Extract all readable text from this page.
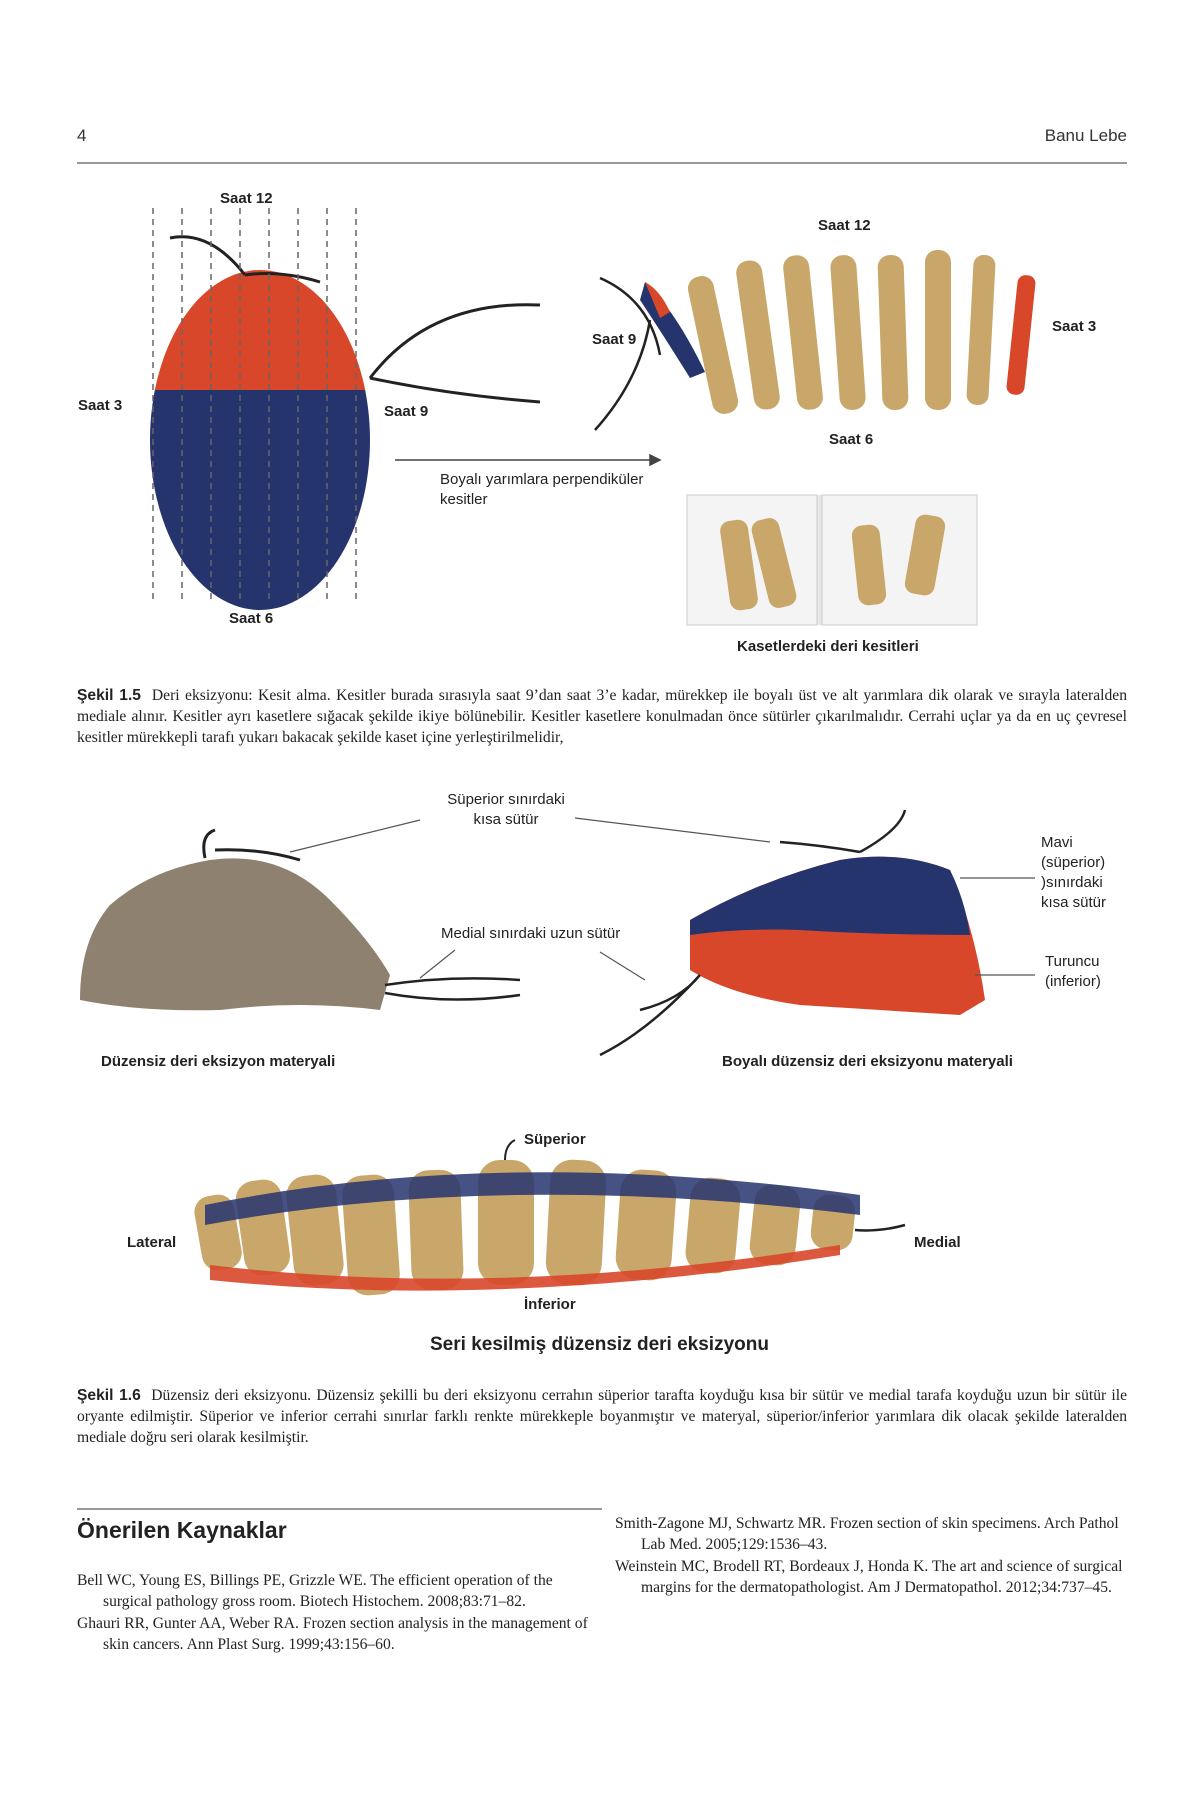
4	Banu Lebe
Saat 12
Saat 3	Saat 9
Saat 6
Boyalı yarımlara perpendiküler kesitler
Saat 12
Saat 9
Saat 3
Saat 6
Kasetlerdeki deri kesitleri
Şekil 1.5 Deri eksizyonu: Kesit alma. Kesitler burada sırasıyla saat 9’dan saat 3’e kadar, mürekkep ile boyalı üst ve alt yarımlara dik olarak ve sırayla lateralden mediale alınır. Kesitler ayrı kasetlere sığacak şekilde ikiye bölünebilir. Kesitler kasetlere konulmadan önce sütürler çıkarılmalıdır. Cerrahi uçlar ya da en uç çevresel kesitler mürekkepli tarafı yukarı bakacak şekilde kaset içine yerleştirilmelidir,
Süperior sınırdaki kısa sütür
Medial sınırdaki uzun sütür
Mavi (süperior) )sınırdaki kısa sütür
Turuncu (inferior)
Düzensiz deri eksizyon materyali	Boyalı düzensiz deri eksizyonu materyali
Süperior
Lateral	Medial
İnferior
Seri kesilmiş düzensiz deri eksizyonu
Şekil 1.6 Düzensiz deri eksizyonu. Düzensiz şekilli bu deri eksizyonu cerrahın süperior tarafta koyduğu kısa bir sütür ve medial tarafa koyduğu uzun bir sütür ile oryante edilmiştir. Süperior ve inferior cerrahi sınırlar farklı renkte mürekkeple boyanmıştır ve materyal, süperior/inferior yarımlara dik olacak şekilde lateralden mediale doğru seri olarak kesilmiştir.
Önerilen Kaynaklar

Bell WC, Young ES, Billings PE, Grizzle WE. The efficient operation of the surgical pathology gross room. Biotech Histochem. 2008;83:71–82.

Ghauri RR, Gunter AA, Weber RA. Frozen section analysis in the management of skin cancers. Ann Plast Surg. 1999;43:156–60.

Smith-Zagone MJ, Schwartz MR. Frozen section of skin specimens. Arch Pathol Lab Med. 2005;129:1536–43.

Weinstein MC, Brodell RT, Bordeaux J, Honda K. The art and science of surgical margins for the dermatopathologist. Am J Dermatopathol. 2012;34:737–45.
